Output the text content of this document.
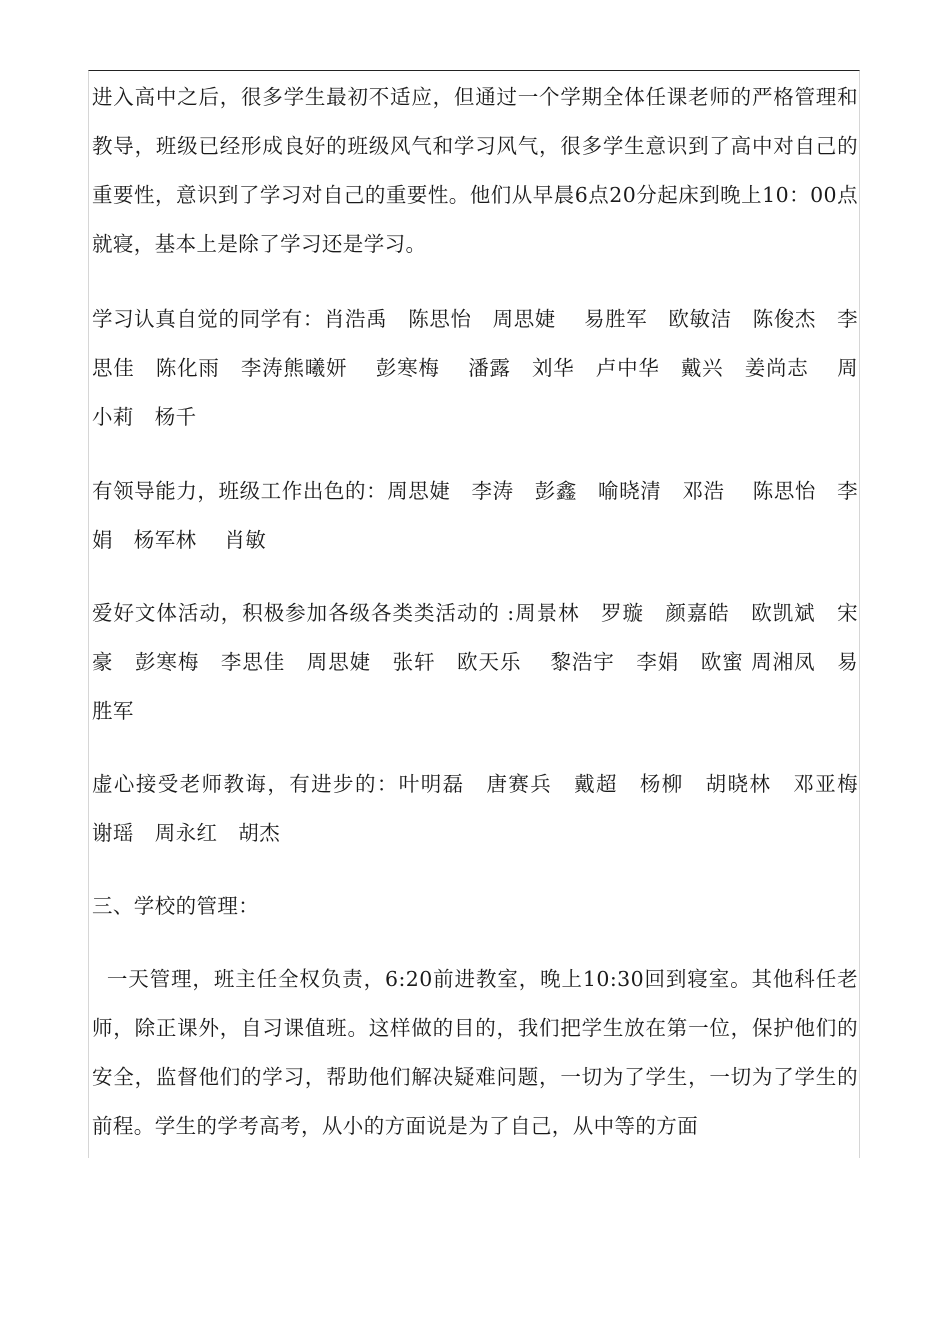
进入高中之后，很多学生最初不适应，但通过一个学期全体任课老师的严格管理和教导，班级已经形成良好的班级风气和学习风气，很多学生意识到了高中对自己的重要性，意识到了学习对自己的重要性。他们从早晨6点20分起床到晚上10：00点就寝，基本上是除了学习还是学习。

学习认真自觉的同学有：肖浩禹　陈思怡　周思婕　 易胜军　欧敏洁　陈俊杰　李思佳　陈化雨　李涛熊曦妍　 彭寒梅　 潘露　刘华　卢中华　戴兴　姜尚志　 周小莉　杨千

有领导能力，班级工作出色的：周思婕　李涛　彭鑫　喻晓清　邓浩　 陈思怡　李娟　杨军林　 肖敏

爱好文体活动，积极参加各级各类类活动的 :周景林　罗璇　颜嘉皓　欧凯斌　宋豪　彭寒梅　李思佳　周思婕　张轩　欧天乐　 黎浩宇　李娟　欧蜜 周湘凤　易胜军

虚心接受老师教诲，有进步的：叶明磊　唐赛兵　戴超　杨柳　胡晓林　邓亚梅　谢瑶　周永红　胡杰

三、学校的管理：

一天管理，班主任全权负责，6:20前进教室，晚上10:30回到寝室。其他科任老师，除正课外，自习课值班。这样做的目的，我们把学生放在第一位，保护他们的安全，监督他们的学习，帮助他们解决疑难问题，一切为了学生，一切为了学生的前程。学生的学考高考，从小的方面说是为了自己，从中等的方面
